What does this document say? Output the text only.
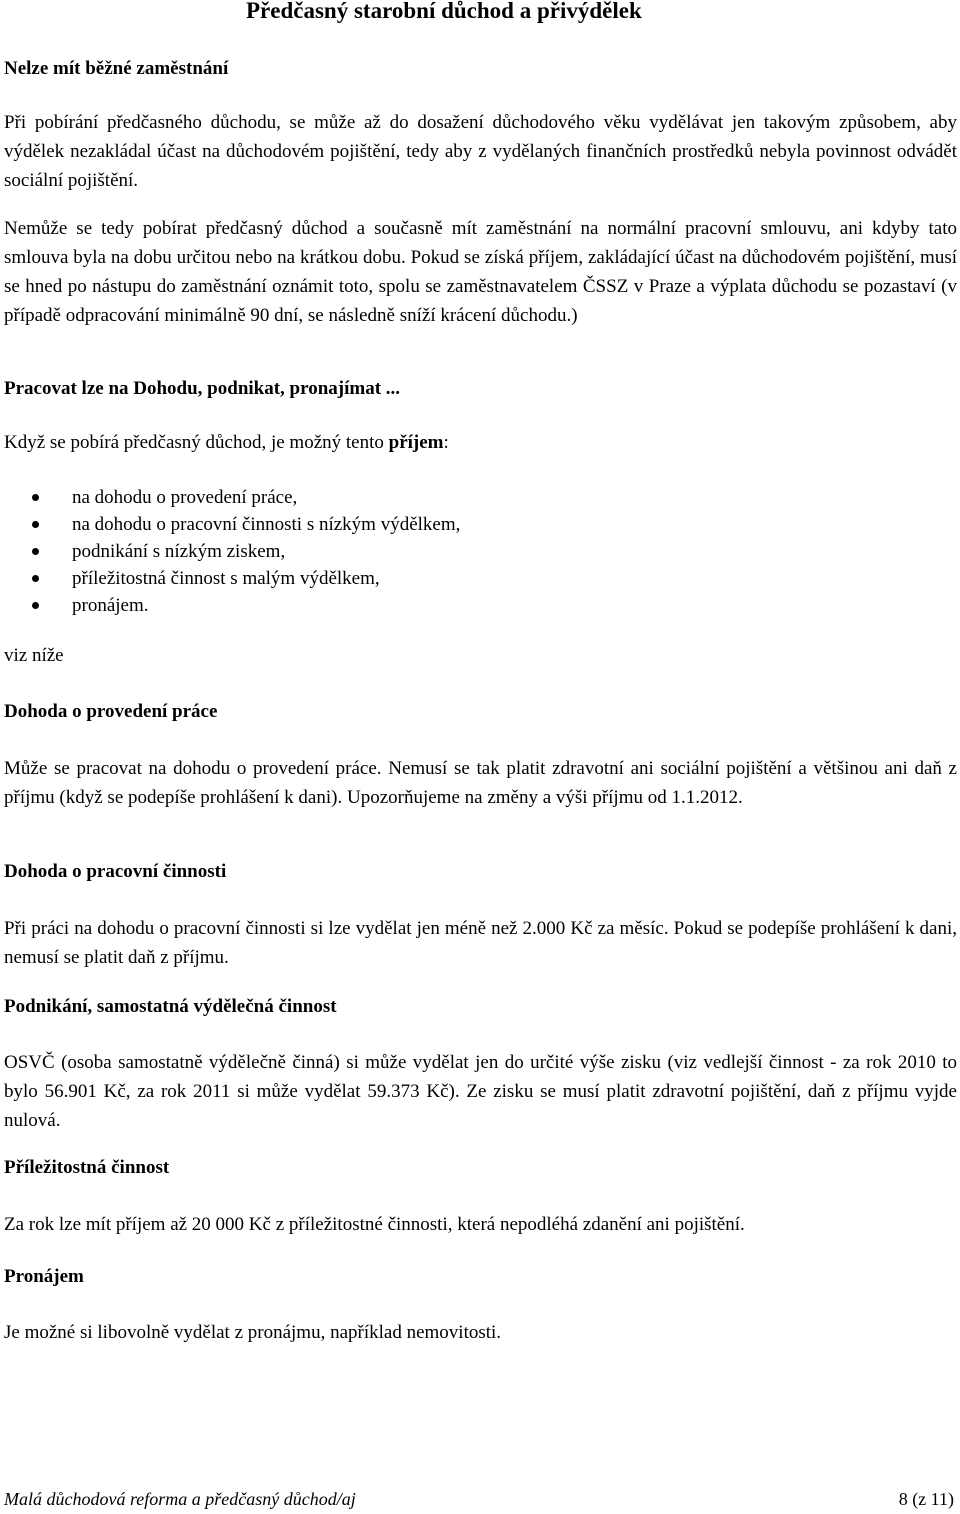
Předčasný starobní důchod a přivýdělek
Nelze mít běžné zaměstnání
Při pobírání předčasného důchodu, se může až do dosažení důchodového věku vydělávat jen takovým způsobem, aby výdělek nezakládal účast na důchodovém pojištění, tedy aby z vydělaných finančních prostředků nebyla povinnost odvádět sociální pojištění.
Nemůže se tedy pobírat předčasný důchod a současně mít zaměstnání na normální pracovní smlouvu, ani kdyby tato smlouva byla na dobu určitou nebo na krátkou dobu. Pokud se získá příjem, zakládající účast na důchodovém pojištění, musí se hned po nástupu do zaměstnání oznámit toto, spolu se zaměstnavatelem ČSSZ v Praze a výplata důchodu se pozastaví (v případě odpracování minimálně 90 dní, se následně sníží krácení důchodu.)
Pracovat lze na Dohodu, podnikat, pronajímat ...
Když se pobírá předčasný důchod, je možný tento příjem:
na dohodu o provedení práce,
na dohodu o pracovní činnosti s nízkým výdělkem,
podnikání s nízkým ziskem,
příležitostná činnost s malým výdělkem,
pronájem.
viz níže
Dohoda o provedení práce
Může se pracovat na dohodu o provedení práce. Nemusí se tak platit zdravotní ani sociální pojištění a většinou ani daň z příjmu (když se podepíše prohlášení k dani). Upozorňujeme na změny a výši příjmu od 1.1.2012.
Dohoda o pracovní činnosti
Při práci na dohodu o pracovní činnosti si lze vydělat jen méně než 2.000 Kč za měsíc. Pokud se podepíše prohlášení k dani, nemusí se platit daň z příjmu.
Podnikání, samostatná výdělečná činnost
OSVČ (osoba samostatně výdělečně činná) si může vydělat jen do určité výše zisku (viz vedlejší činnost - za rok 2010 to bylo 56.901 Kč, za rok 2011 si může vydělat 59.373 Kč). Ze zisku se musí platit zdravotní pojištění, daň z příjmu vyjde nulová.
Příležitostná činnost
Za rok lze mít příjem až 20 000 Kč z příležitostné činnosti, která nepodléhá zdanění ani pojištění.
Pronájem
Je možné si libovolně vydělat z pronájmu, například nemovitosti.
Malá důchodová reforma a předčasný důchod/aj	8 (z 11)
